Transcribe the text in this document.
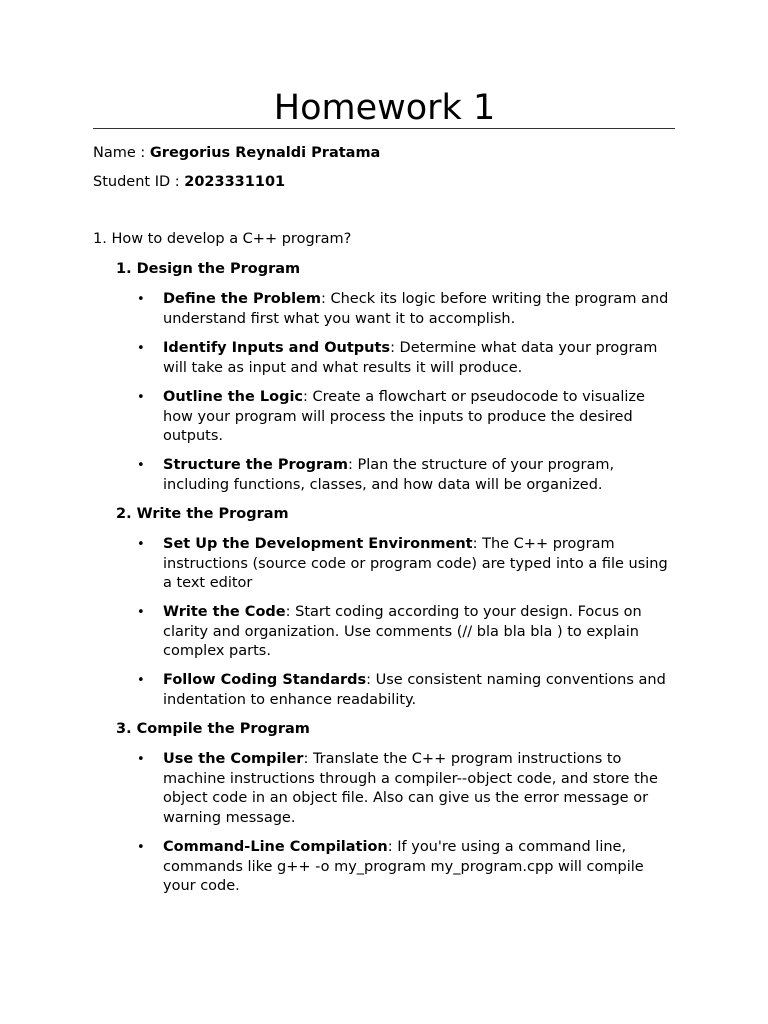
Homework 1
Name : Gregorius Reynaldi Pratama
Student ID : 2023331101
1. How to develop a C++ program?
1. Design the Program
• Define the Problem: Check its logic before writing the program and understand first what you want it to accomplish.
• Identify Inputs and Outputs: Determine what data your program will take as input and what results it will produce.
• Outline the Logic: Create a flowchart or pseudocode to visualize how your program will process the inputs to produce the desired outputs.
• Structure the Program: Plan the structure of your program, including functions, classes, and how data will be organized.
2. Write the Program
• Set Up the Development Environment: The C++ program instructions (source code or program code) are typed into a file using a text editor
• Write the Code: Start coding according to your design. Focus on clarity and organization. Use comments (// bla bla bla ) to explain complex parts.
• Follow Coding Standards: Use consistent naming conventions and indentation to enhance readability.
3. Compile the Program
• Use the Compiler: Translate the C++ program instructions to machine instructions through a compiler--object code, and store the object code in an object file. Also can give us the error message or warning message.
• Command-Line Compilation: If you're using a command line, commands like g++ -o my_program my_program.cpp will compile your code.
